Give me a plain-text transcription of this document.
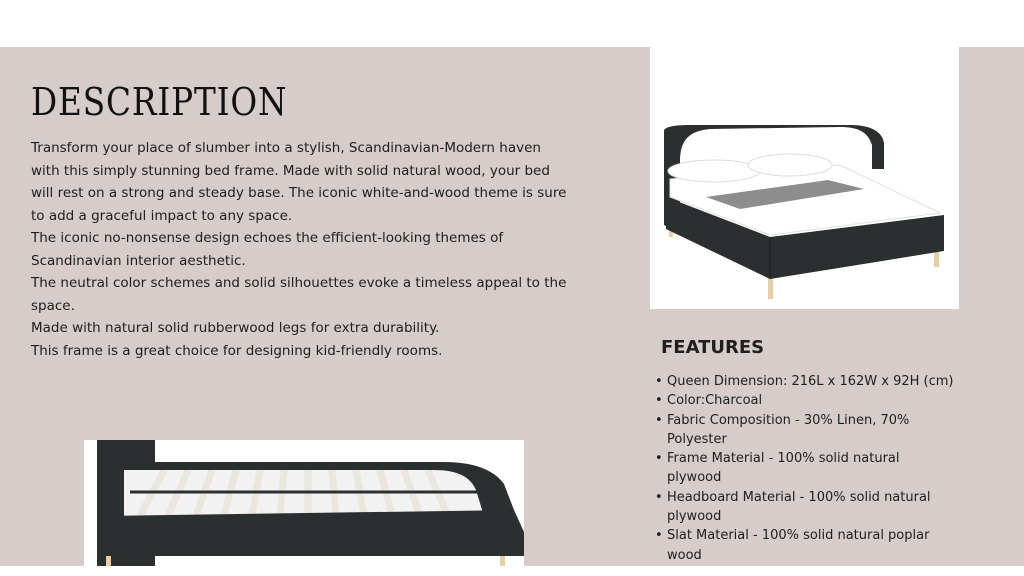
DESCRIPTION

Transform your place of slumber into a stylish, Scandinavian-Modern haven with this simply stunning bed frame. Made with solid natural wood, your bed will rest on a strong and steady base. The iconic white-and-wood theme is sure to add a graceful impact to any space.

The iconic no-nonsense design echoes the efficient-looking themes of Scandinavian interior aesthetic.

The neutral color schemes and solid silhouettes evoke a timeless appeal to the space.

Made with natural solid rubberwood legs for extra durability.

This frame is a great choice for designing kid-friendly rooms.	FEATURES
• Queen Dimension: 216L x 162W x 92H (cm)
• Color:Charcoal
• Fabric Composition - 30% Linen, 70% Polyester
• Frame Material - 100% solid natural plywood
• Headboard Material - 100% solid natural plywood
• Slat Material - 100% solid natural poplar wood
